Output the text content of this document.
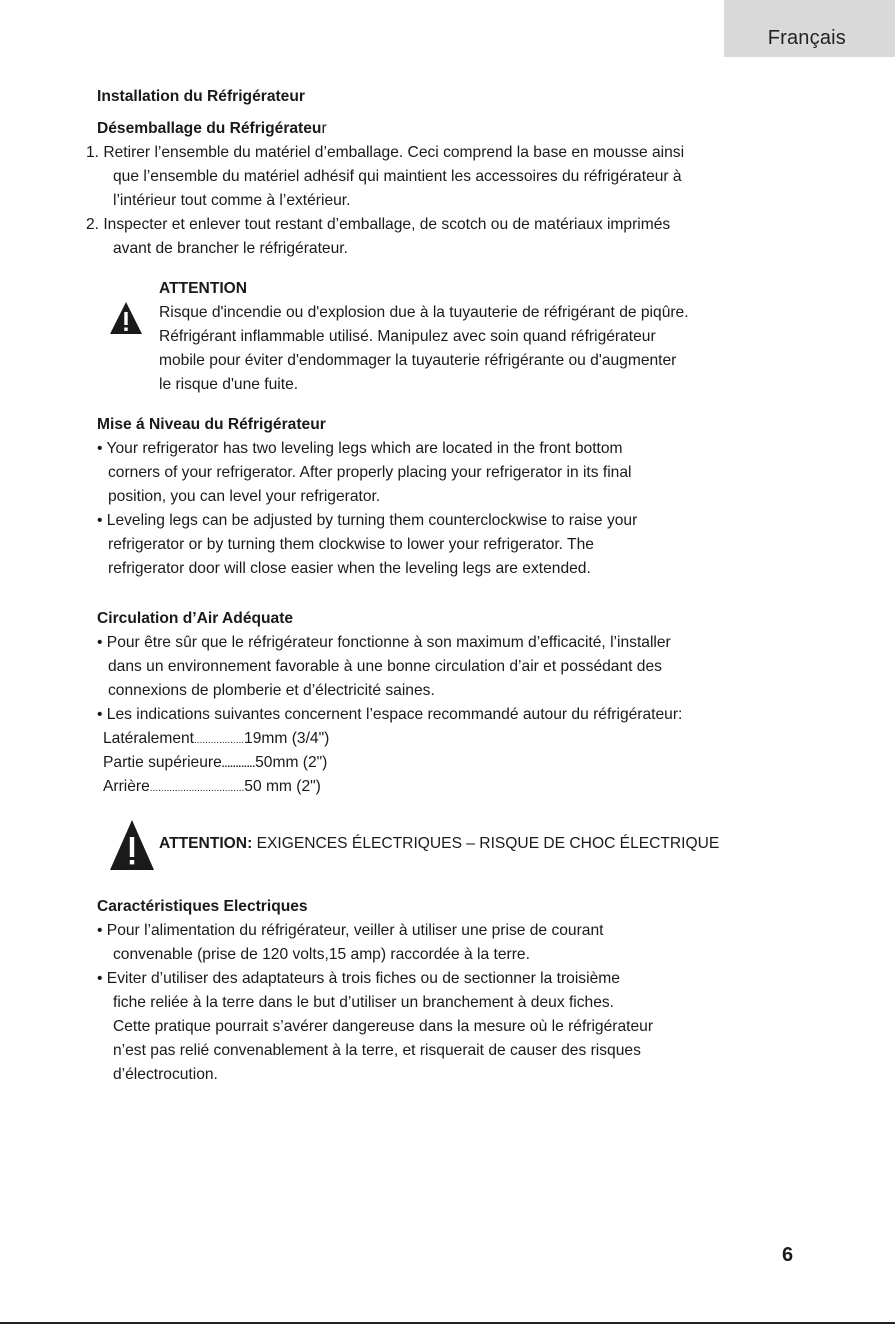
Français
Installation du Réfrigérateur
Désemballage du Réfrigérateur
1. Retirer l’ensemble du matériel d’emballage. Ceci comprend la base en mousse ainsi
que l’ensemble du matériel adhésif qui maintient les accessoires du réfrigérateur à
l’intérieur tout comme à l’extérieur.
2. Inspecter et enlever tout restant d’emballage, de scotch ou de matériaux imprimés
avant de brancher le réfrigérateur.
ATTENTION
Risque d'incendie ou d'explosion due à la tuyauterie de réfrigérant de piqûre.
Réfrigérant inflammable utilisé. Manipulez avec soin quand réfrigérateur
mobile pour éviter d'endommager la tuyauterie réfrigérante ou d'augmenter
le risque d'une fuite.
Mise á Niveau du Réfrigérateur
• Your refrigerator has two leveling legs which are located in the front bottom
corners of your refrigerator. After properly placing your refrigerator in its final
position, you can level your refrigerator.
• Leveling legs can be adjusted by turning them counterclockwise to raise your
refrigerator or by turning them clockwise to lower your refrigerator. The
refrigerator door will close easier when the leveling legs are extended.
Circulation d’Air Adéquate
• Pour être sûr que le réfrigérateur fonctionne à son maximum d’efficacité, l’installer
dans un environnement favorable à une bonne circulation d’air et possédant des
connexions de plomberie et d’électricité saines.
• Les indications suivantes concernent l’espace recommandé autour du réfrigérateur:
Latéralement..................19mm (3/4")
Partie supérieure............50mm (2")
Arrière..................................50 mm (2")
ATTENTION: EXIGENCES ÉLECTRIQUES – RISQUE DE CHOC ÉLECTRIQUE
Caractéristiques Electriques
• Pour l’alimentation du réfrigérateur, veiller à utiliser une prise de courant
convenable (prise de 120 volts,15 amp) raccordée à la terre.
• Eviter d’utiliser des adaptateurs à trois fiches ou de sectionner la troisième
fiche reliée à la terre dans le but d’utiliser un branchement à deux fiches.
Cette pratique pourrait s’avérer dangereuse dans la mesure où le réfrigérateur
n’est pas relié convenablement à la terre, et risquerait de causer des risques
d’électrocution.
6
